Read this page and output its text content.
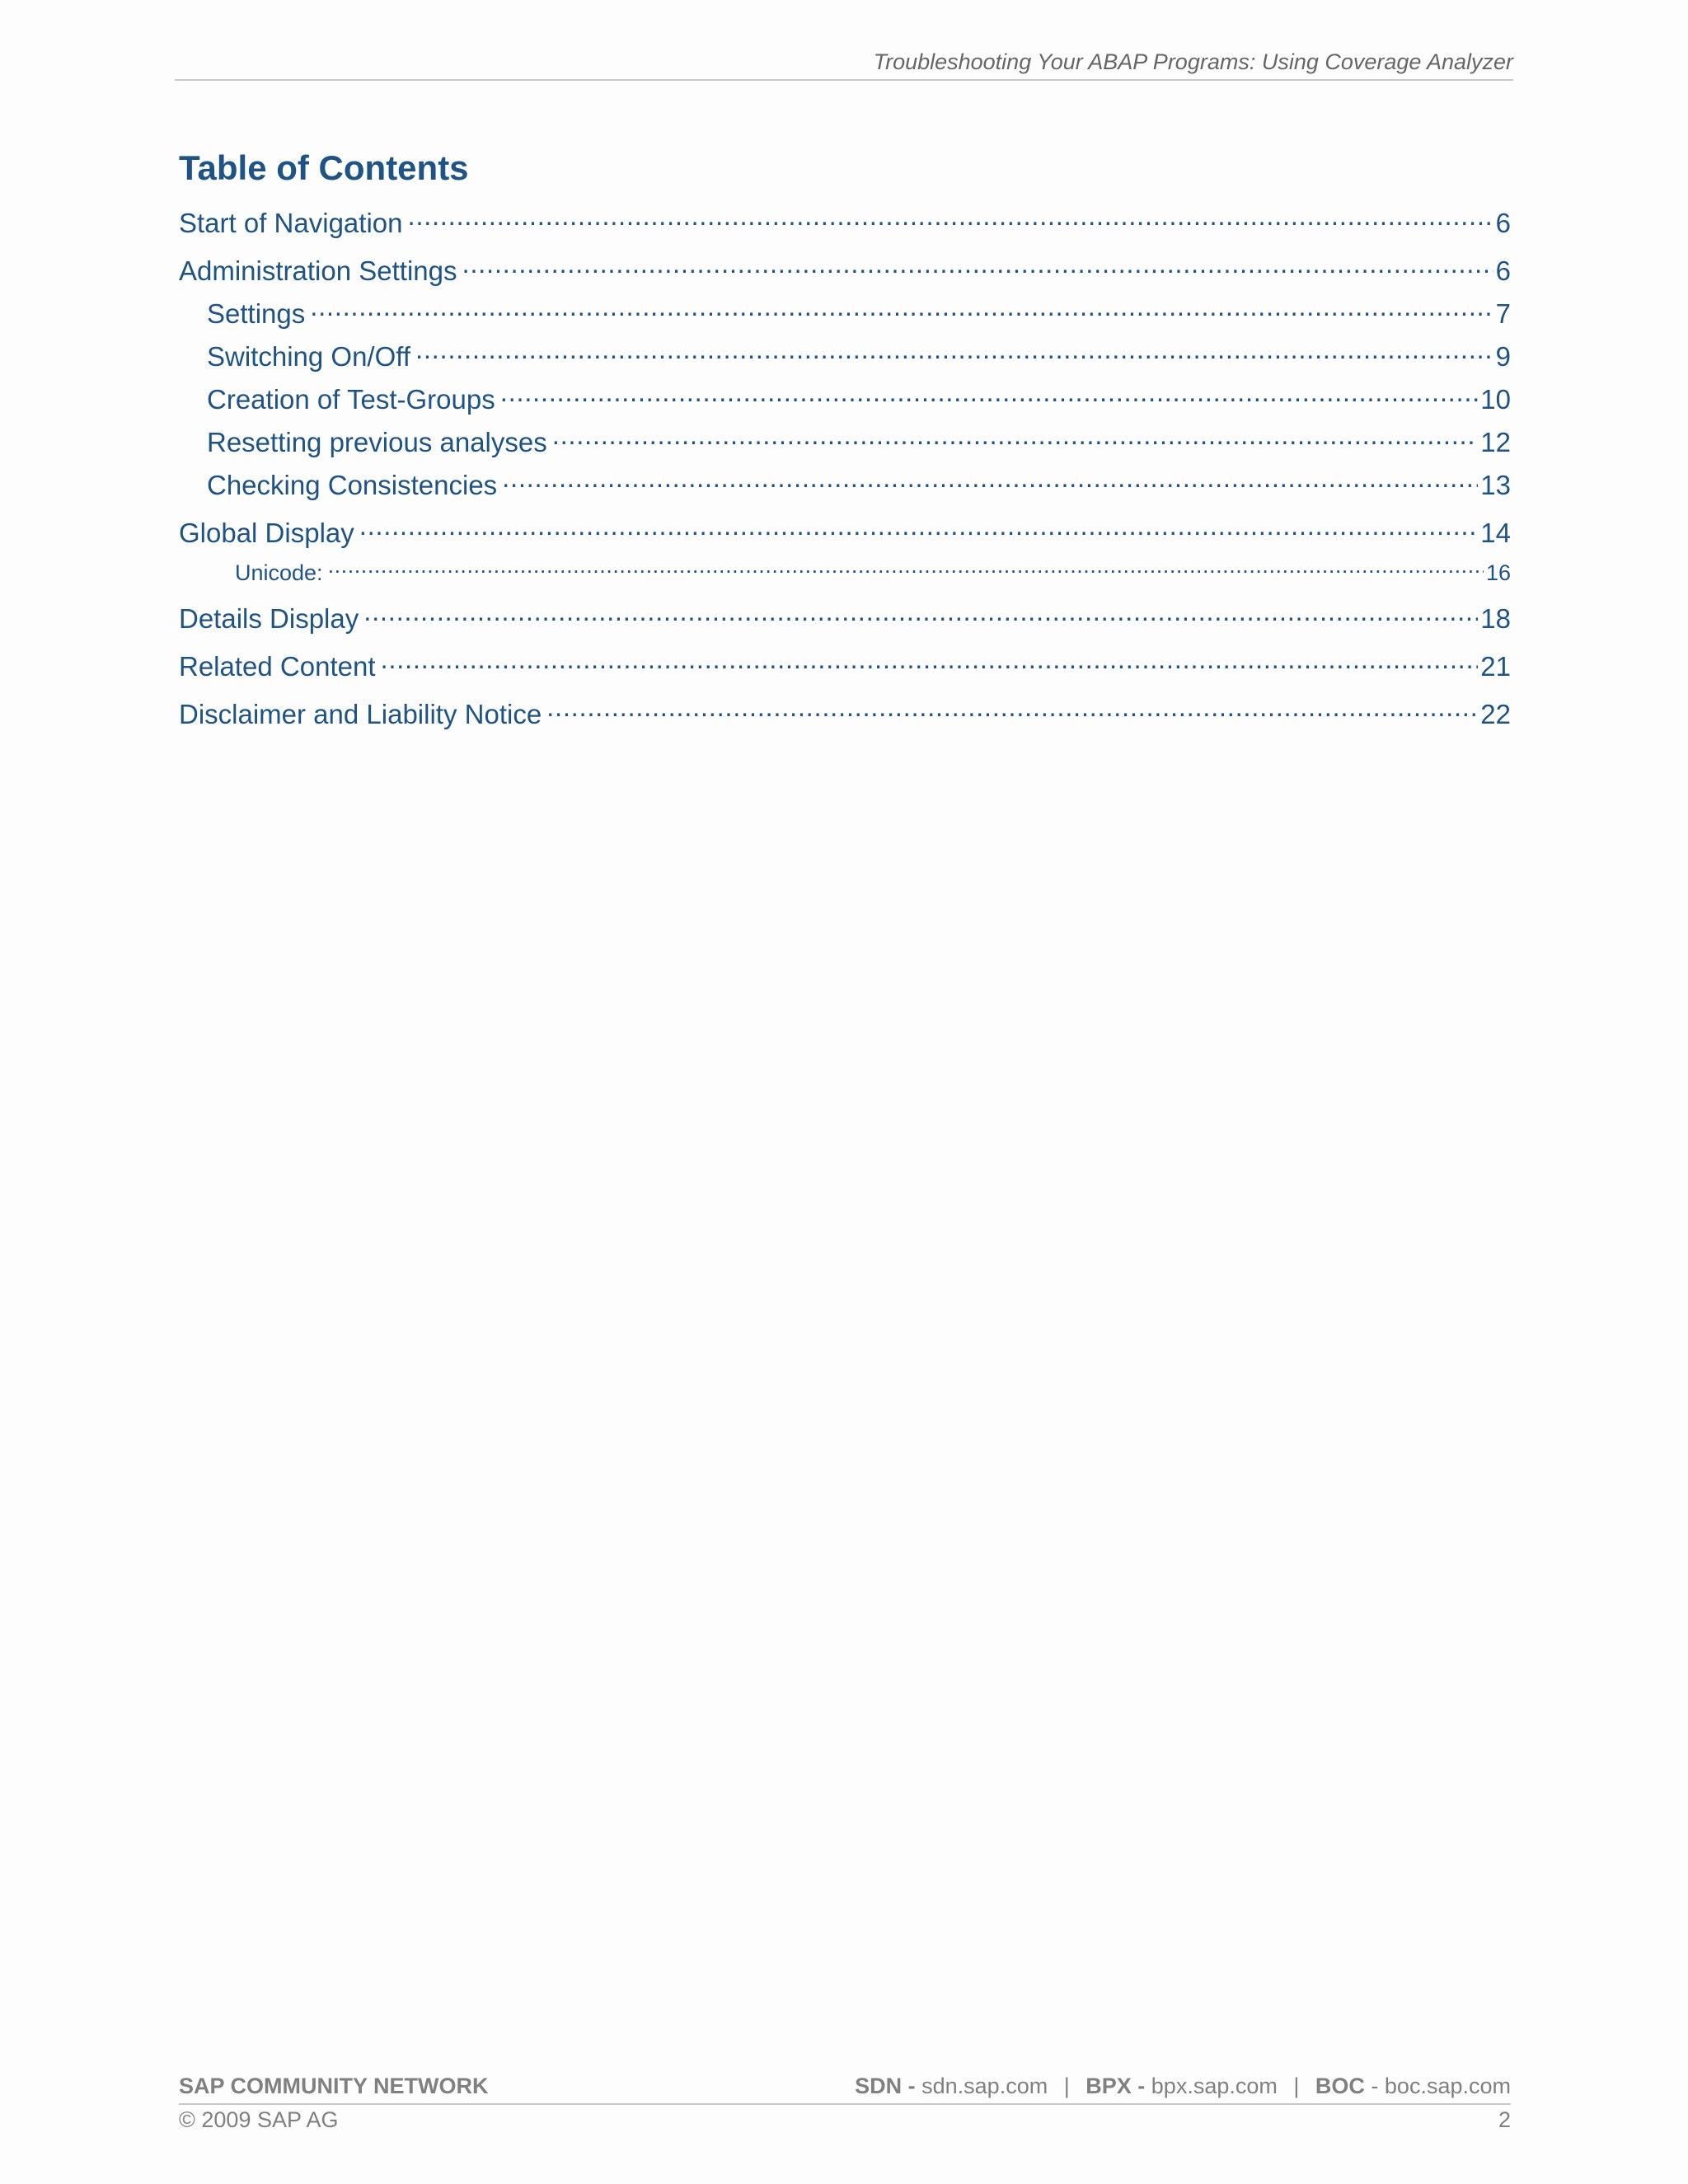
Troubleshooting Your ABAP Programs: Using Coverage Analyzer
Table of Contents
Start of Navigation .....	6
Administration Settings .....	6
Settings .....	7
Switching On/Off .....	9
Creation of Test-Groups .....	10
Resetting previous analyses .....	12
Checking Consistencies .....	13
Global Display .....	14
Unicode: .....	16
Details Display .....	18
Related Content .....	21
Disclaimer and Liability Notice .....	22
SAP COMMUNITY NETWORK	SDN - sdn.sap.com | BPX - bpx.sap.com | BOC - boc.sap.com
© 2009 SAP AG	2
